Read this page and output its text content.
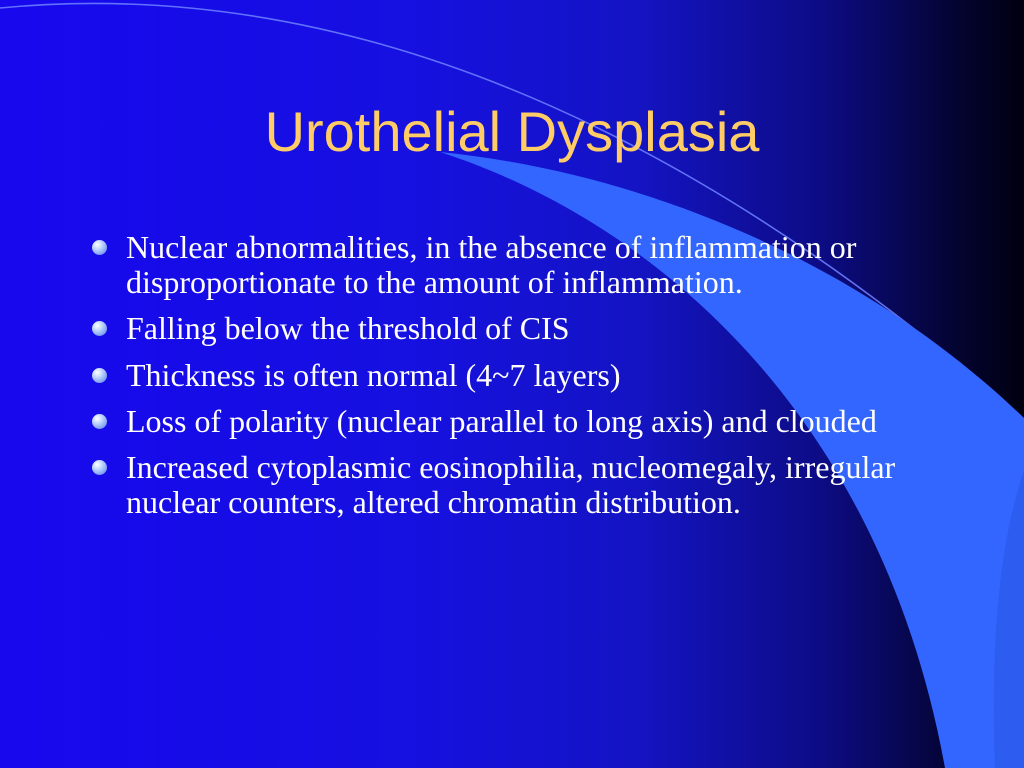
Urothelial Dysplasia
Nuclear abnormalities, in the absence of inflammation or disproportionate to the amount of inflammation.
Falling below the threshold of CIS
Thickness is often normal (4~7 layers)
Loss of polarity (nuclear parallel to long axis) and clouded
Increased cytoplasmic eosinophilia, nucleomegaly, irregular nuclear counters, altered chromatin distribution.
